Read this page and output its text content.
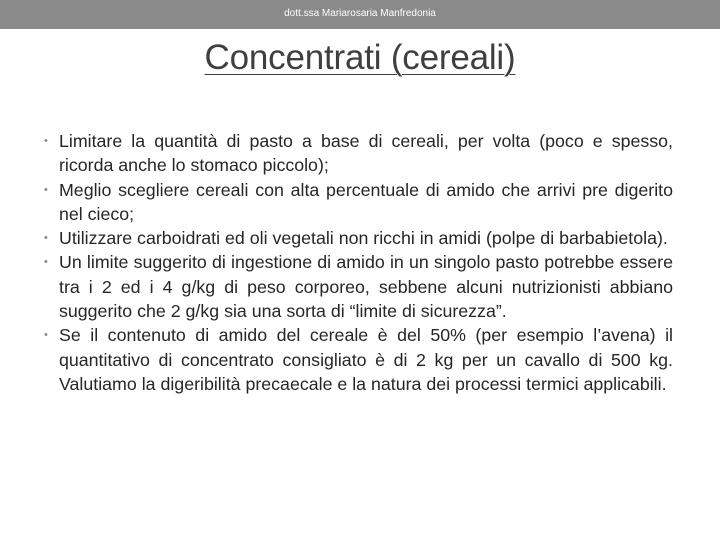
dott.ssa Mariarosaria Manfredonia
Concentrati (cereali)
• Limitare la quantità di pasto a base di cereali, per volta (poco e spesso, ricorda anche lo stomaco piccolo);
• Meglio scegliere cereali con alta percentuale di amido che arrivi pre digerito nel cieco;
• Utilizzare carboidrati ed oli vegetali non ricchi in amidi (polpe di barbabietola).
• Un limite suggerito di ingestione di amido in un singolo pasto potrebbe essere tra i 2 ed i 4 g/kg di peso corporeo, sebbene alcuni nutrizionisti abbiano suggerito che 2 g/kg sia una sorta di “limite di sicurezza”.
• Se il contenuto di amido del cereale è del 50% (per esempio l’avena) il quantitativo di concentrato consigliato è di 2 kg per un cavallo di 500 kg. Valutiamo la digeribilità precaecale e la natura dei processi termici applicabili.
